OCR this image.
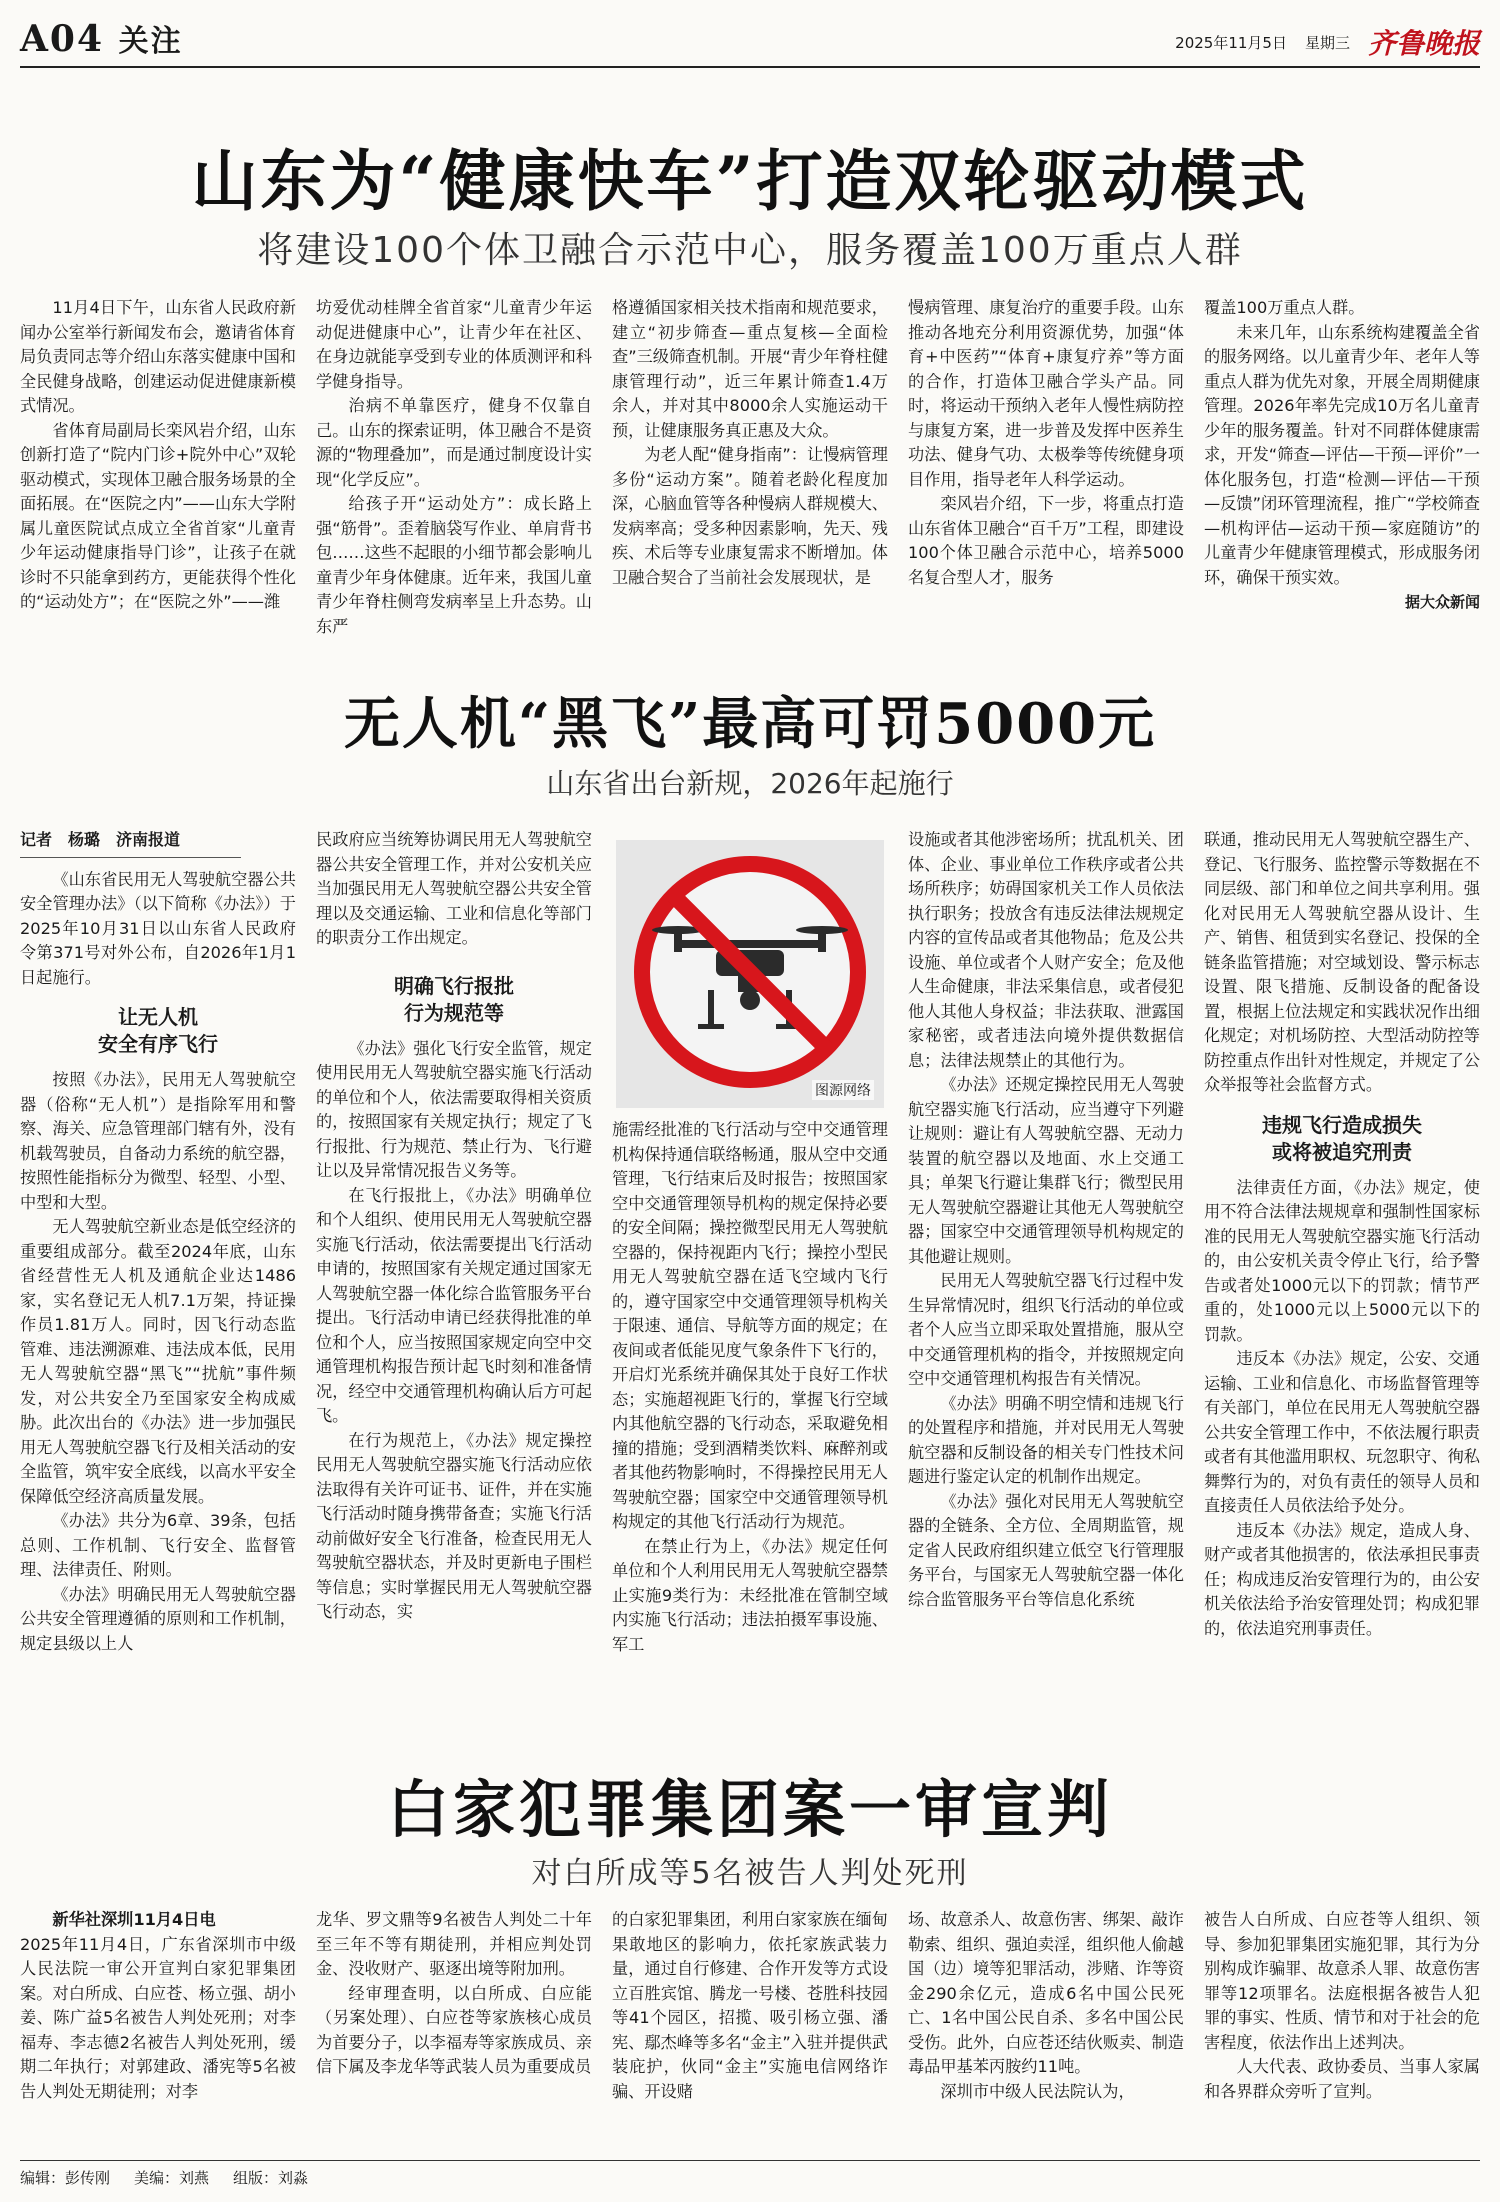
A04 关注	2025年11月5日 星期三 齐鲁晚报
山东为“健康快车”打造双轮驱动模式
将建设100个体卫融合示范中心，服务覆盖100万重点人群

11月4日下午，山东省人民政府新闻办公室举行新闻发布会，邀请省体育局负责同志等介绍山东落实健康中国和全民健身战略，创建运动促进健康新模式情况。

省体育局副局长栾风岩介绍，山东创新打造了“院内门诊+院外中心”双轮驱动模式，实现体卫融合服务场景的全面拓展。在“医院之内”——山东大学附属儿童医院试点成立全省首家“儿童青少年运动健康指导门诊”，让孩子在就诊时不只能拿到药方，更能获得个性化的“运动处方”；在“医院之外”——潍

坊爱优动桂牌全省首家“儿童青少年运动促进健康中心”，让青少年在社区、在身边就能享受到专业的体质测评和科学健身指导。

治病不单靠医疗，健身不仅靠自己。山东的探索证明，体卫融合不是资源的“物理叠加”，而是通过制度设计实现“化学反应”。

给孩子开“运动处方”：成长路上强“筋骨”。歪着脑袋写作业、单肩背书包……这些不起眼的小细节都会影响儿童青少年身体健康。近年来，我国儿童青少年脊柱侧弯发病率呈上升态势。山东严

格遵循国家相关技术指南和规范要求，建立“初步筛查—重点复核—全面检查”三级筛查机制。开展“青少年脊柱健康管理行动”，近三年累计筛查1.4万余人，并对其中8000余人实施运动干预，让健康服务真正惠及大众。

为老人配“健身指南”：让慢病管理多份“运动方案”。随着老龄化程度加深，心脑血管等各种慢病人群规模大、发病率高；受多种因素影响，先天、残疾、术后等专业康复需求不断增加。体卫融合契合了当前社会发展现状，是

慢病管理、康复治疗的重要手段。山东推动各地充分利用资源优势，加强“体育+中医药”“体育+康复疗养”等方面的合作，打造体卫融合学头产品。同时，将运动干预纳入老年人慢性病防控与康复方案，进一步普及发挥中医养生功法、健身气功、太极拳等传统健身项目作用，指导老年人科学运动。

栾风岩介绍，下一步，将重点打造山东省体卫融合“百千万”工程，即建设100个体卫融合示范中心，培养5000名复合型人才，服务

覆盖100万重点人群。

未来几年，山东系统构建覆盖全省的服务网络。以儿童青少年、老年人等重点人群为优先对象，开展全周期健康管理。2026年率先完成10万名儿童青少年的服务覆盖。针对不同群体健康需求，开发“筛查—评估—干预—评价”一体化服务包，打造“检测—评估—干预—反馈”闭环管理流程，推广“学校筛查—机构评估—运动干预—家庭随访”的儿童青少年健康管理模式，形成服务闭环，确保干预实效。

据大众新闻
无人机“黑飞”最高可罚5000元
山东省出台新规，2026年起施行
记者　杨璐　济南报道

《山东省民用无人驾驶航空器公共安全管理办法》（以下简称《办法》）于2025年10月31日以山东省人民政府令第371号对外公布，自2026年1月1日起施行。

让无人机
安全有序飞行

按照《办法》，民用无人驾驶航空器（俗称“无人机”）是指除军用和警察、海关、应急管理部门辖有外，没有机载驾驶员，自备动力系统的航空器，按照性能指标分为微型、轻型、小型、中型和大型。

无人驾驶航空新业态是低空经济的重要组成部分。截至2024年底，山东省经营性无人机及通航企业达1486家，实名登记无人机7.1万架，持证操作员1.81万人。同时，因飞行动态监管难、违法溯源难、违法成本低，民用无人驾驶航空器“黑飞”“扰航”事件频发，对公共安全乃至国家安全构成威胁。此次出台的《办法》进一步加强民用无人驾驶航空器飞行及相关活动的安全监管，筑牢安全底线，以高水平安全保障低空经济高质量发展。

《办法》共分为6章、39条，包括总则、工作机制、飞行安全、监督管理、法律责任、附则。

《办法》明确民用无人驾驶航空器公共安全管理遵循的原则和工作机制，规定县级以上人

民政府应当统筹协调民用无人驾驶航空器公共安全管理工作，并对公安机关应当加强民用无人驾驶航空器公共安全管理以及交通运输、工业和信息化等部门的职责分工作出规定。

明确飞行报批
行为规范等

《办法》强化飞行安全监管，规定使用民用无人驾驶航空器实施飞行活动的单位和个人，依法需要取得相关资质的，按照国家有关规定执行；规定了飞行报批、行为规范、禁止行为、飞行避让以及异常情况报告义务等。

在飞行报批上，《办法》明确单位和个人组织、使用民用无人驾驶航空器实施飞行活动，依法需要提出飞行活动申请的，按照国家有关规定通过国家无人驾驶航空器一体化综合监管服务平台提出。飞行活动申请已经获得批准的单位和个人，应当按照国家规定向空中交通管理机构报告预计起飞时刻和准备情况，经空中交通管理机构确认后方可起飞。

在行为规范上，《办法》规定操控民用无人驾驶航空器实施飞行活动应依法取得有关许可证书、证件，并在实施飞行活动时随身携带备查；实施飞行活动前做好安全飞行准备，检查民用无人驾驶航空器状态，并及时更新电子围栏等信息；实时掌握民用无人驾驶航空器飞行动态，实

施需经批准的飞行活动与空中交通管理机构保持通信联络畅通，服从空中交通管理，飞行结束后及时报告；按照国家空中交通管理领导机构的规定保持必要的安全间隔；操控微型民用无人驾驶航空器的，保持视距内飞行；操控小型民用无人驾驶航空器在适飞空域内飞行的，遵守国家空中交通管理领导机构关于限速、通信、导航等方面的规定；在夜间或者低能见度气象条件下飞行的，开启灯光系统并确保其处于良好工作状态；实施超视距飞行的，掌握飞行空域内其他航空器的飞行动态，采取避免相撞的措施；受到酒精类饮料、麻醉剂或者其他药物影响时，不得操控民用无人驾驶航空器；国家空中交通管理领导机构规定的其他飞行活动行为规范。

在禁止行为上，《办法》规定任何单位和个人利用民用无人驾驶航空器禁止实施9类行为：未经批准在管制空域内实施飞行活动；违法拍摄军事设施、军工

设施或者其他涉密场所；扰乱机关、团体、企业、事业单位工作秩序或者公共场所秩序；妨碍国家机关工作人员依法执行职务；投放含有违反法律法规规定内容的宣传品或者其他物品；危及公共设施、单位或者个人财产安全；危及他人生命健康，非法采集信息，或者侵犯他人其他人身权益；非法获取、泄露国家秘密，或者违法向境外提供数据信息；法律法规禁止的其他行为。

《办法》还规定操控民用无人驾驶航空器实施飞行活动，应当遵守下列避让规则：避让有人驾驶航空器、无动力装置的航空器以及地面、水上交通工具；单架飞行避让集群飞行；微型民用无人驾驶航空器避让其他无人驾驶航空器；国家空中交通管理领导机构规定的其他避让规则。

民用无人驾驶航空器飞行过程中发生异常情况时，组织飞行活动的单位或者个人应当立即采取处置措施，服从空中交通管理机构的指令，并按照规定向空中交通管理机构报告有关情况。

《办法》明确不明空情和违规飞行的处置程序和措施，并对民用无人驾驶航空器和反制设备的相关专门性技术问题进行鉴定认定的机制作出规定。

《办法》强化对民用无人驾驶航空器的全链条、全方位、全周期监管，规定省人民政府组织建立低空飞行管理服务平台，与国家无人驾驶航空器一体化综合监管服务平台等信息化系统

联通，推动民用无人驾驶航空器生产、登记、飞行服务、监控警示等数据在不同层级、部门和单位之间共享利用。强化对民用无人驾驶航空器从设计、生产、销售、租赁到实名登记、投保的全链条监管措施；对空域划设、警示标志设置、限飞措施、反制设备的配备设置，根据上位法规定和实践状况作出细化规定；对机场防控、大型活动防控等防控重点作出针对性规定，并规定了公众举报等社会监督方式。

违规飞行造成损失
或将被追究刑责

法律责任方面，《办法》规定，使用不符合法律法规规章和强制性国家标准的民用无人驾驶航空器实施飞行活动的，由公安机关责令停止飞行，给予警告或者处1000元以下的罚款；情节严重的，处1000元以上5000元以下的罚款。

违反本《办法》规定，公安、交通运输、工业和信息化、市场监督管理等有关部门，单位在民用无人驾驶航空器公共安全管理工作中，不依法履行职责或者有其他滥用职权、玩忽职守、徇私舞弊行为的，对负有责任的领导人员和直接责任人员依法给予处分。

违反本《办法》规定，造成人身、财产或者其他损害的，依法承担民事责任；构成违反治安管理行为的，由公安机关依法给予治安管理处罚；构成犯罪的，依法追究刑事责任。

图源网络
白家犯罪集团案一审宣判
对白所成等5名被告人判处死刑
新华社深圳11月4日电

2025年11月4日，广东省深圳市中级人民法院一审公开宣判白家犯罪集团案。对白所成、白应苍、杨立强、胡小姜、陈广益5名被告人判处死刑；对李福寿、李志德2名被告人判处死刑，缓期二年执行；对郭建政、潘宪等5名被告人判处无期徒刑；对李

龙华、罗文鼎等9名被告人判处二十年至三年不等有期徒刑，并相应判处罚金、没收财产、驱逐出境等附加刑。

经审理查明，以白所成、白应能（另案处理）、白应苍等家族核心成员为首要分子，以李福寿等家族成员、亲信下属及李龙华等武装人员为重要成员

的白家犯罪集团，利用白家家族在缅甸果敢地区的影响力，依托家族武装力量，通过自行修建、合作开发等方式设立百胜宾馆、腾龙一号楼、苍胜科技园等41个园区，招揽、吸引杨立强、潘宪、鄢杰峰等多名“金主”入驻并提供武装庇护，伙同“金主”实施电信网络诈骗、开设赌

场、故意杀人、故意伤害、绑架、敲诈勒索、组织、强迫卖淫，组织他人偷越国（边）境等犯罪活动，涉赌、诈等资金290余亿元，造成6名中国公民死亡、1名中国公民自杀、多名中国公民受伤。此外，白应苍还结伙贩卖、制造毒品甲基苯丙胺约11吨。

深圳市中级人民法院认为，

被告人白所成、白应苍等人组织、领导、参加犯罪集团实施犯罪，其行为分别构成诈骗罪、故意杀人罪、故意伤害罪等12项罪名。法庭根据各被告人犯罪的事实、性质、情节和对于社会的危害程度，依法作出上述判决。

人大代表、政协委员、当事人家属和各界群众旁听了宣判。

编辑：彭传刚 美编：刘燕 组版：刘淼
